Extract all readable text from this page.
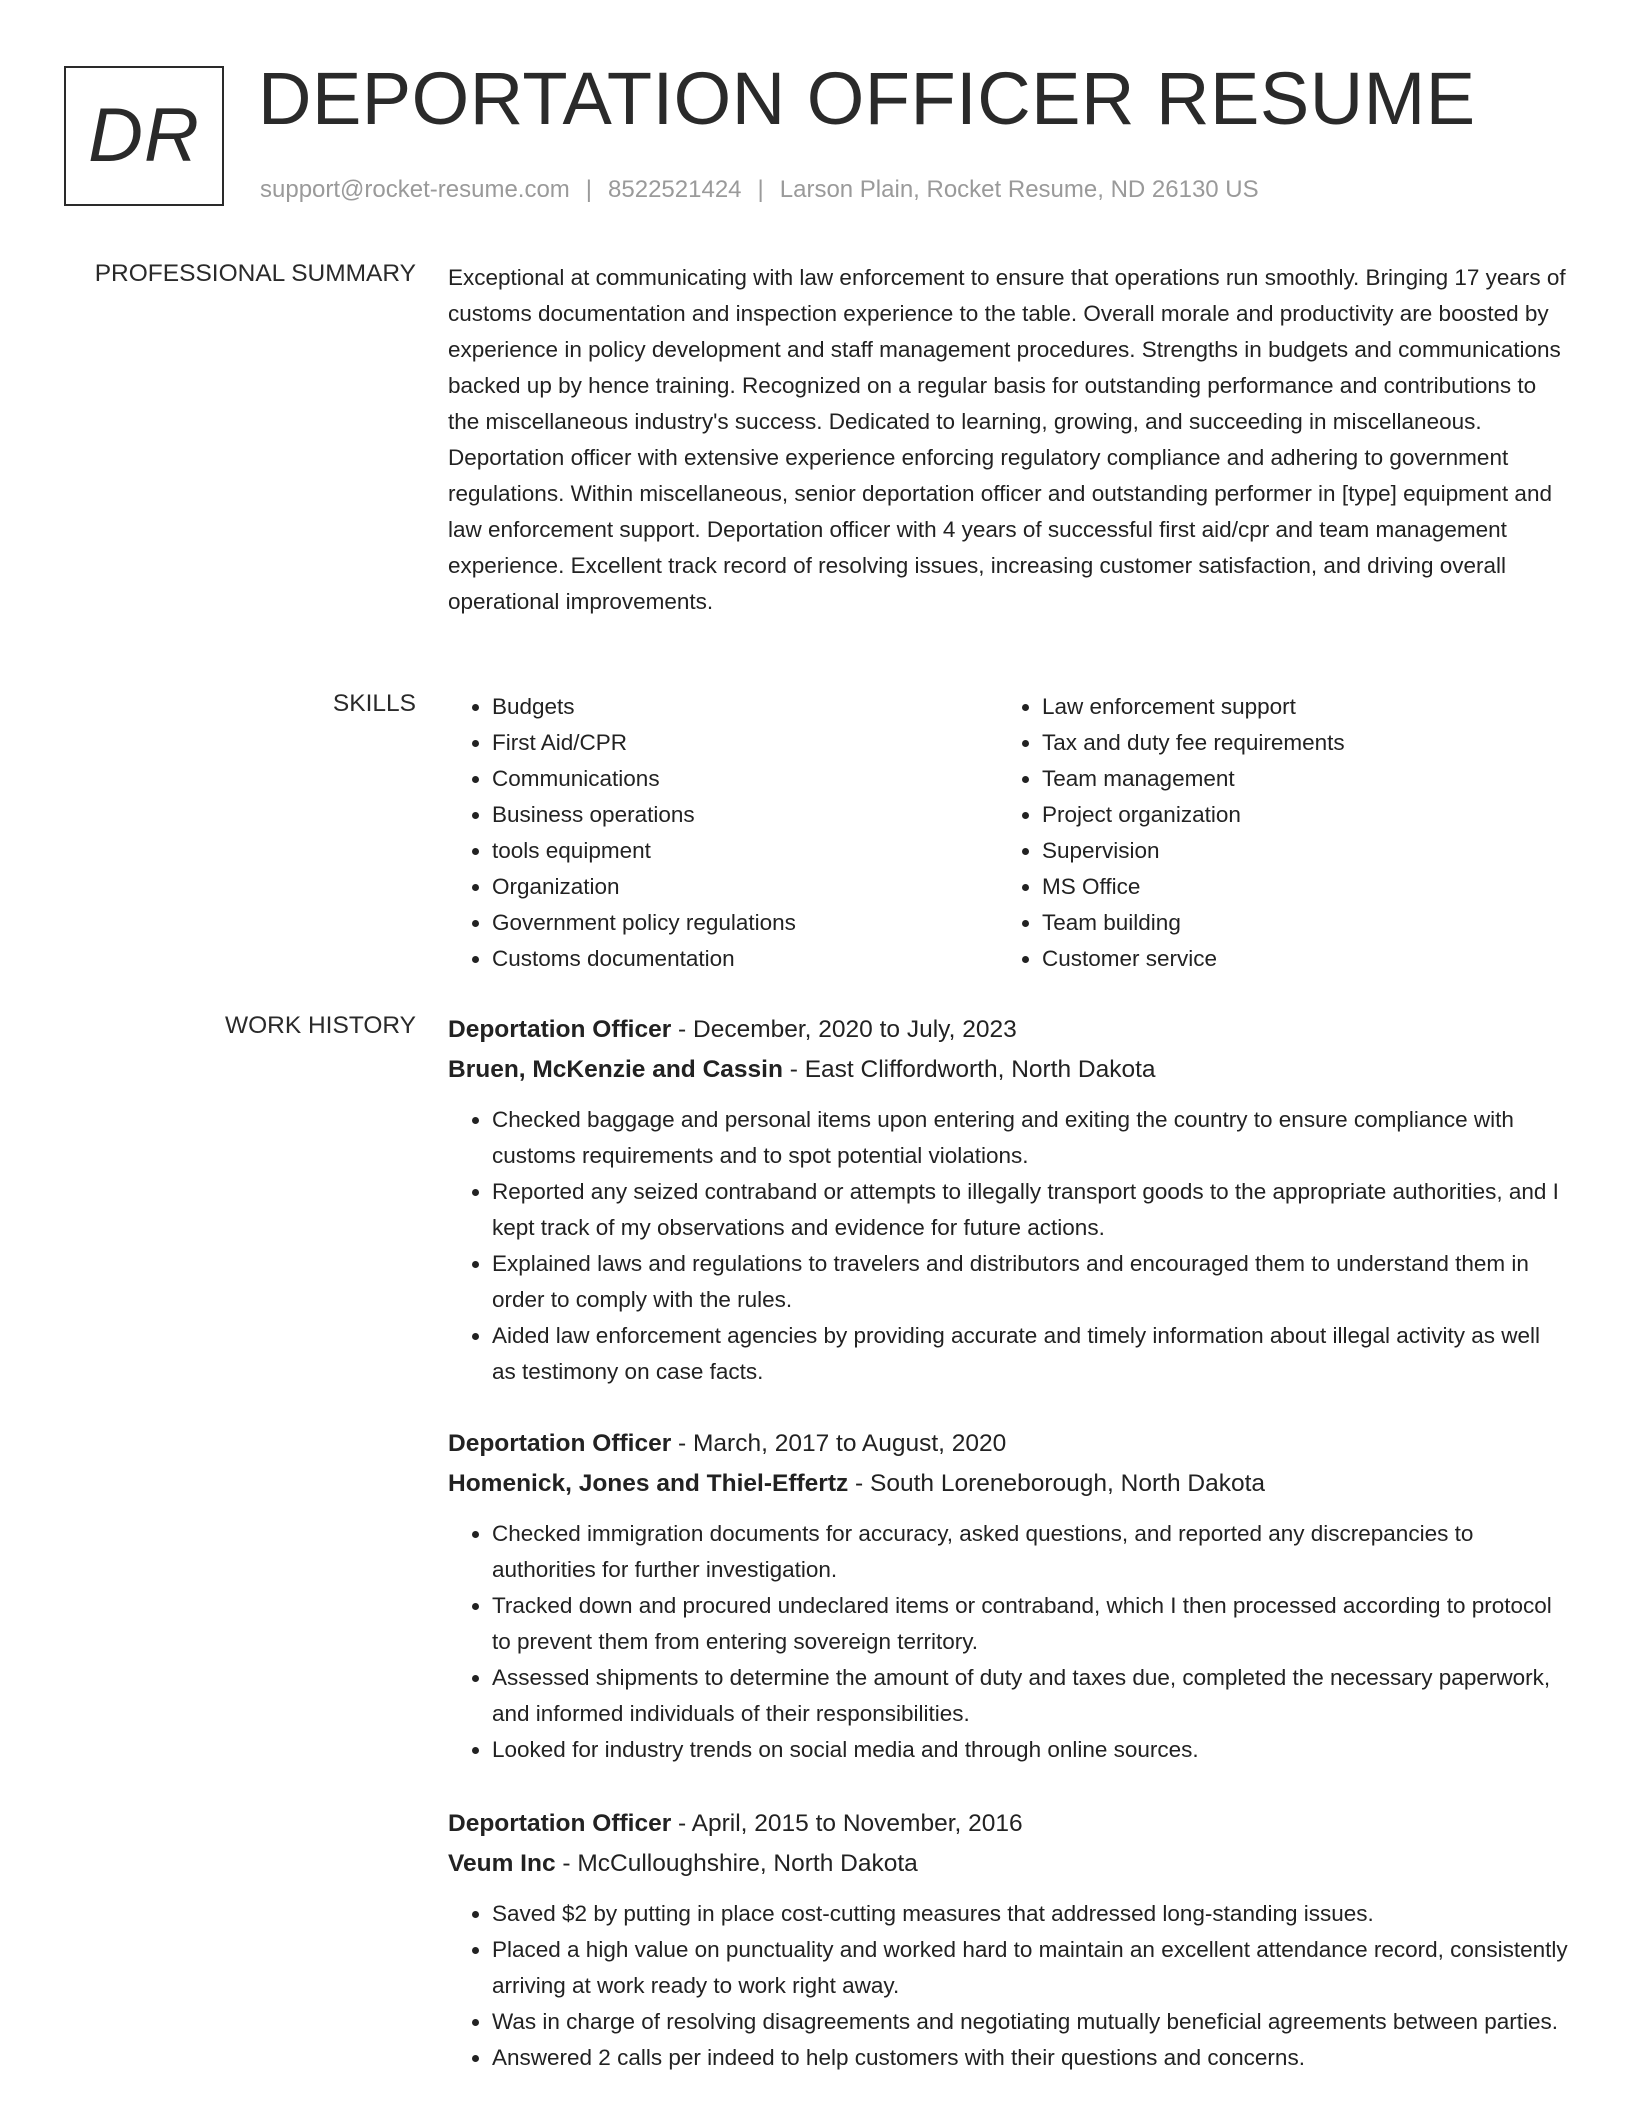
DR DEPORTATION OFFICER RESUME
support@rocket-resume.com | 8522521424 | Larson Plain, Rocket Resume, ND 26130 US
PROFESSIONAL SUMMARY Exceptional at communicating with law enforcement to ensure that operations run smoothly. Bringing 17 years of customs documentation and inspection experience to the table. Overall morale and productivity are boosted by experience in policy development and staff management procedures. Strengths in budgets and communications backed up by hence training. Recognized on a regular basis for outstanding performance and contributions to the miscellaneous industry's success. Dedicated to learning, growing, and succeeding in miscellaneous. Deportation officer with extensive experience enforcing regulatory compliance and adhering to government regulations. Within miscellaneous, senior deportation officer and outstanding performer in [type] equipment and law enforcement support. Deportation officer with 4 years of successful first aid/cpr and team management experience. Excellent track record of resolving issues, increasing customer satisfaction, and driving overall operational improvements.

SKILLS
•	Budgets
• First Aid/CPR
• Communications
• Business operations
• tools equipment
• Organization
• Government policy regulations
• Customs documentation
• Law enforcement support
• Tax and duty fee requirements
• Team management
• Project organization
• Supervision
• MS Office
• Team building
• Customer service
WORK HISTORY Deportation Officer - December, 2020 to July, 2023
Bruen, McKenzie and Cassin - East Cliffordworth, North Dakota
• Checked baggage and personal items upon entering and exiting the country to ensure compliance with customs requirements and to spot potential violations.
• Reported any seized contraband or attempts to illegally transport goods to the appropriate authorities, and I kept track of my observations and evidence for future actions.
• Explained laws and regulations to travelers and distributors and encouraged them to understand them in order to comply with the rules.
• Aided law enforcement agencies by providing accurate and timely information about illegal activity as well as testimony on case facts.
Deportation Officer - March, 2017 to August, 2020
Homenick, Jones and Thiel-Effertz - South Loreneborough, North Dakota
• Checked immigration documents for accuracy, asked questions, and reported any discrepancies to authorities for further investigation.
• Tracked down and procured undeclared items or contraband, which I then processed according to protocol to prevent them from entering sovereign territory.
• Assessed shipments to determine the amount of duty and taxes due, completed the necessary paperwork, and informed individuals of their responsibilities.
• Looked for industry trends on social media and through online sources.
Deportation Officer - April, 2015 to November, 2016
Veum Inc - McCulloughshire, North Dakota
• Saved $2 by putting in place cost-cutting measures that addressed long-standing issues.
• Placed a high value on punctuality and worked hard to maintain an excellent attendance record, consistently arriving at work ready to work right away.
• Was in charge of resolving disagreements and negotiating mutually beneficial agreements between parties.
• Answered 2 calls per indeed to help customers with their questions and concerns.
